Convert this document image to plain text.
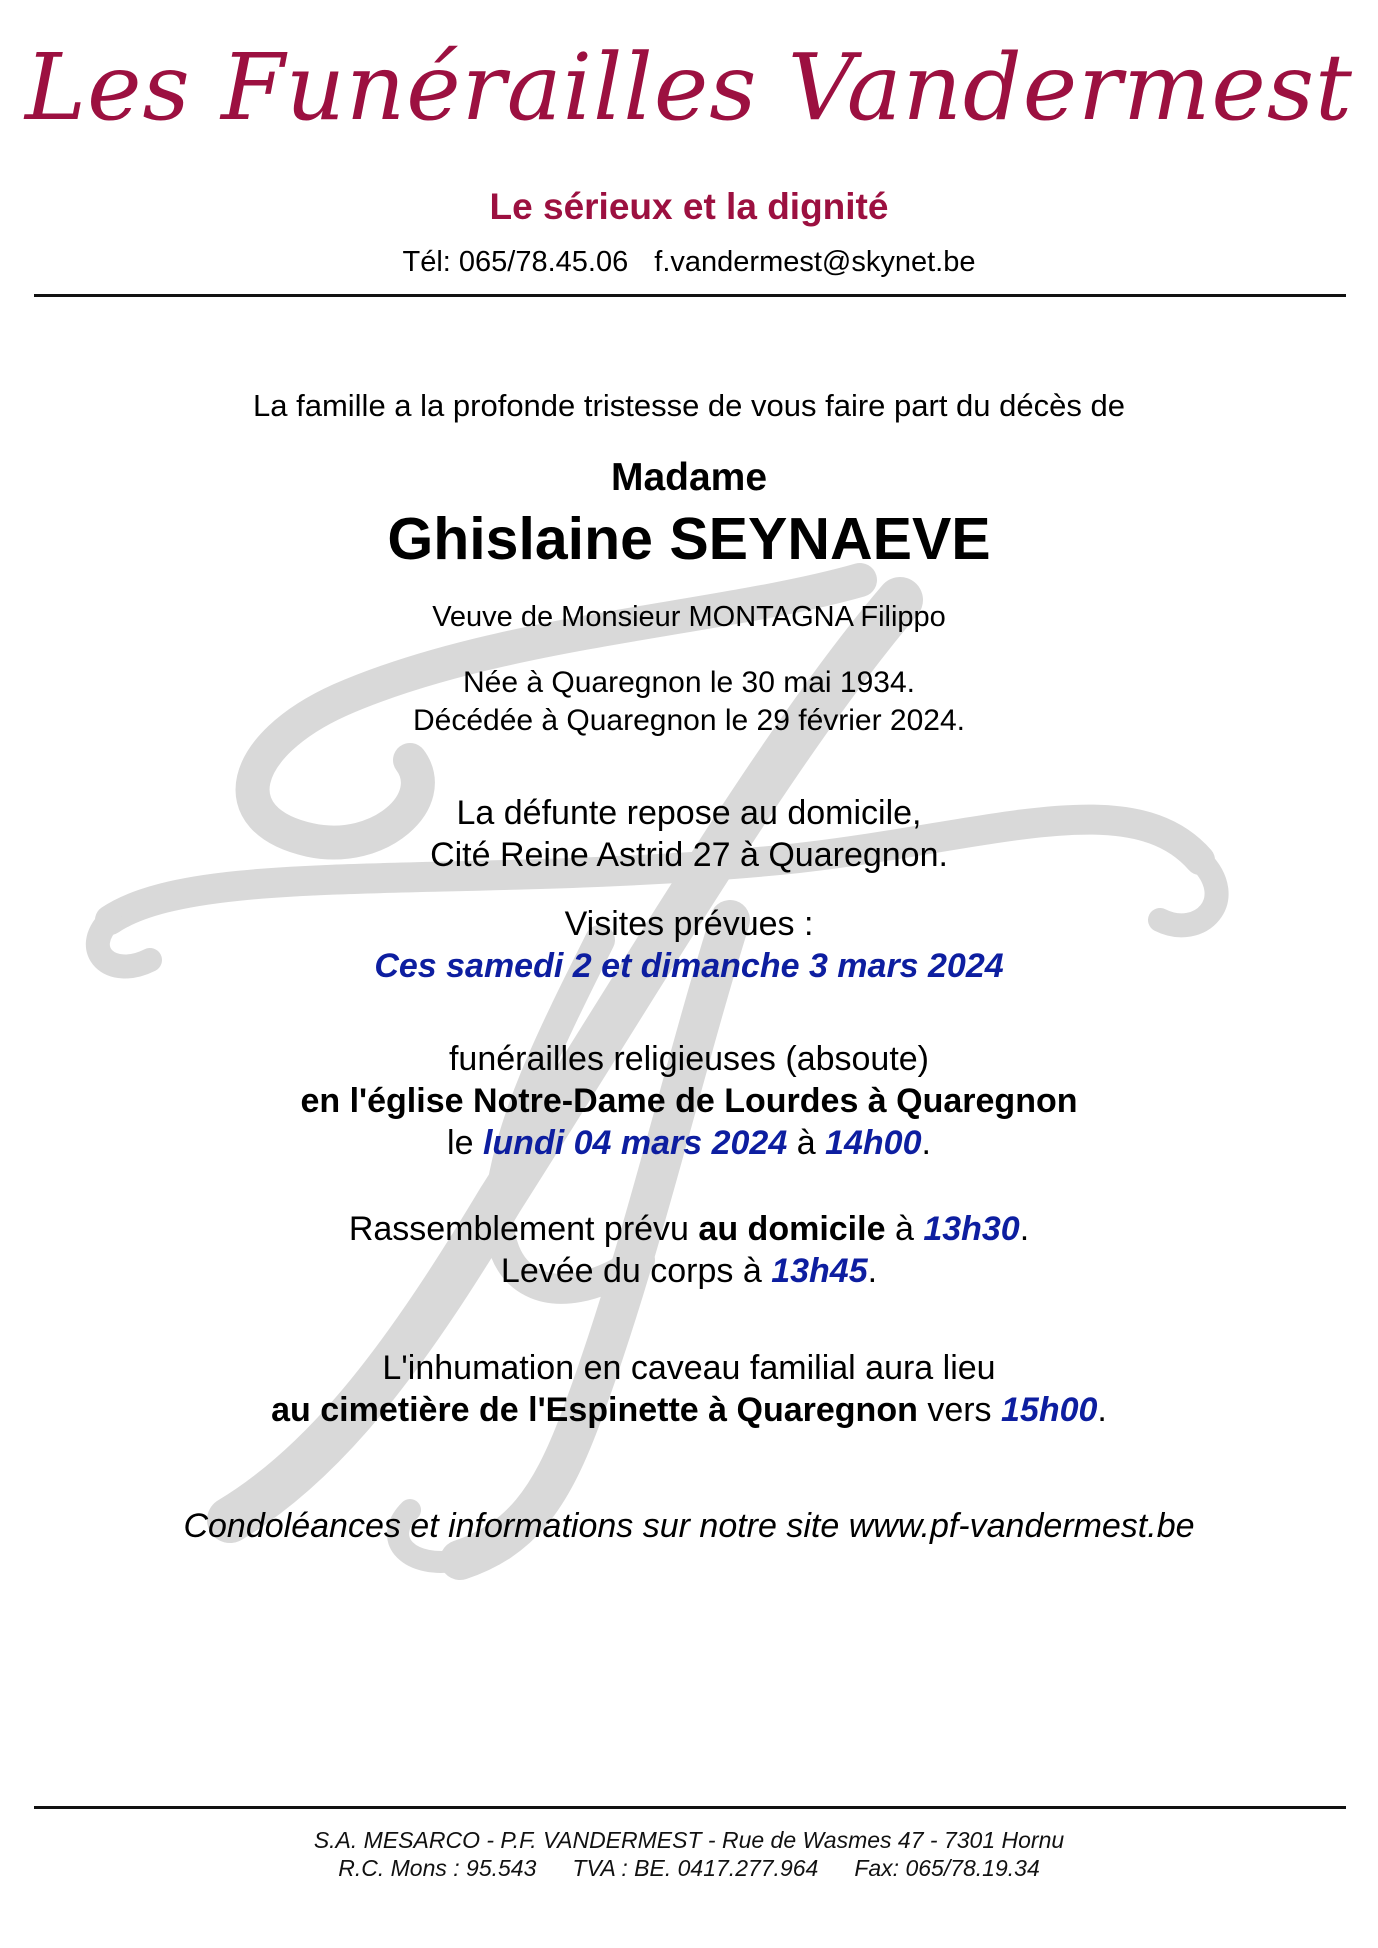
Les Funérailles Vandermest
Le sérieux et la dignité
Tél: 065/78.45.06 f.vandermest@skynet.be
La famille a la profonde tristesse de vous faire part du décès de
Madame
Ghislaine SEYNAEVE
Veuve de Monsieur MONTAGNA Filippo
Née à Quaregnon le 30 mai 1934.
Décédée à Quaregnon le 29 février 2024.
La défunte repose au domicile,
Cité Reine Astrid 27 à Quaregnon.
Visites prévues :
Ces samedi 2 et dimanche 3 mars 2024
funérailles religieuses (absoute)
en l'église Notre-Dame de Lourdes à Quaregnon
le lundi 04 mars 2024 à 14h00.
Rassemblement prévu au domicile à 13h30.
Levée du corps à 13h45.
L'inhumation en caveau familial aura lieu
au cimetière de l'Espinette à Quaregnon vers 15h00.
Condoléances et informations sur notre site www.pf-vandermest.be
S.A. MESARCO - P.F. VANDERMEST - Rue de Wasmes 47 - 7301 Hornu
R.C. Mons : 95.543 TVA : BE. 0417.277.964 Fax: 065/78.19.34
